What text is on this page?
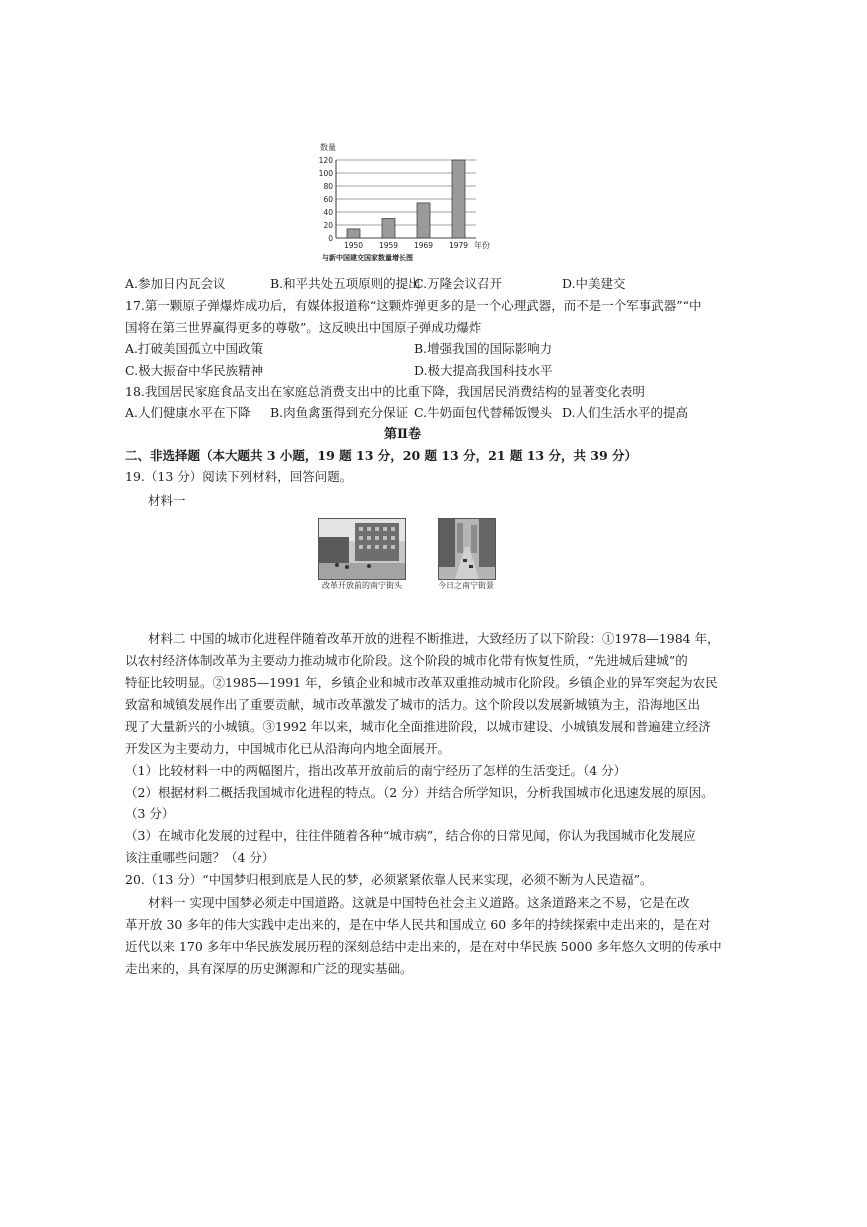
数量
0
20
40
60
80
100
120
1950 1959 1969 1979 年份
与新中国建交国家数量增长图
A.参加日内瓦会议	B.和平共处五项原则的提出
C.万隆会议召开	D.中美建交
17.第一颗原子弹爆炸成功后，有媒体报道称“这颗炸弹更多的是一个心理武器，而不是一个军事武器”“中
国将在第三世界赢得更多的尊敬”。这反映出中国原子弹成功爆炸
A.打破美国孤立中国政策	B.增强我国的国际影响力
C.极大振奋中华民族精神	D.极大提高我国科技水平
18.我国居民家庭食品支出在家庭总消费支出中的比重下降，我国居民消费结构的显著变化表明
A.人们健康水平在下降 B.肉鱼禽蛋得到充分保证 C.牛奶面包代替稀饭馒头 D.人们生活水平的提高
第Ⅱ卷
二、非选择题（本大题共 3 小题，19 题 13 分，20 题 13 分，21 题 13 分，共 39 分）
19.（13 分）阅读下列材料，回答问题。
材料一
改革开放前的南宁街头	今日之南宁街景
材料二 中国的城市化进程伴随着改革开放的进程不断推进，大致经历了以下阶段：①1978—1984 年，
以农村经济体制改革为主要动力推动城市化阶段。这个阶段的城市化带有恢复性质，“先进城后建城”的
特征比较明显。②1985—1991 年，乡镇企业和城市改革双重推动城市化阶段。乡镇企业的异军突起为农民
致富和城镇发展作出了重要贡献，城市改革激发了城市的活力。这个阶段以发展新城镇为主，沿海地区出
现了大量新兴的小城镇。③1992 年以来，城市化全面推进阶段，以城市建设、小城镇发展和普遍建立经济
开发区为主要动力，中国城市化已从沿海向内地全面展开。
（1）比较材料一中的两幅图片，指出改革开放前后的南宁经历了怎样的生活变迁。（4 分）
（2）根据材料二概括我国城市化进程的特点。（2 分）并结合所学知识，分析我国城市化迅速发展的原因。
（3 分）
（3）在城市化发展的过程中，往往伴随着各种“城市病”，结合你的日常见闻，你认为我国城市化发展应
该注重哪些问题？（4 分）
20.（13 分）“中国梦归根到底是人民的梦，必须紧紧依靠人民来实现，必须不断为人民造福”。
材料一 实现中国梦必须走中国道路。这就是中国特色社会主义道路。这条道路来之不易，它是在改
革开放 30 多年的伟大实践中走出来的，是在中华人民共和国成立 60 多年的持续探索中走出来的，是在对
近代以来 170 多年中华民族发展历程的深刻总结中走出来的，是在对中华民族 5000 多年悠久文明的传承中
走出来的，具有深厚的历史渊源和广泛的现实基础。
